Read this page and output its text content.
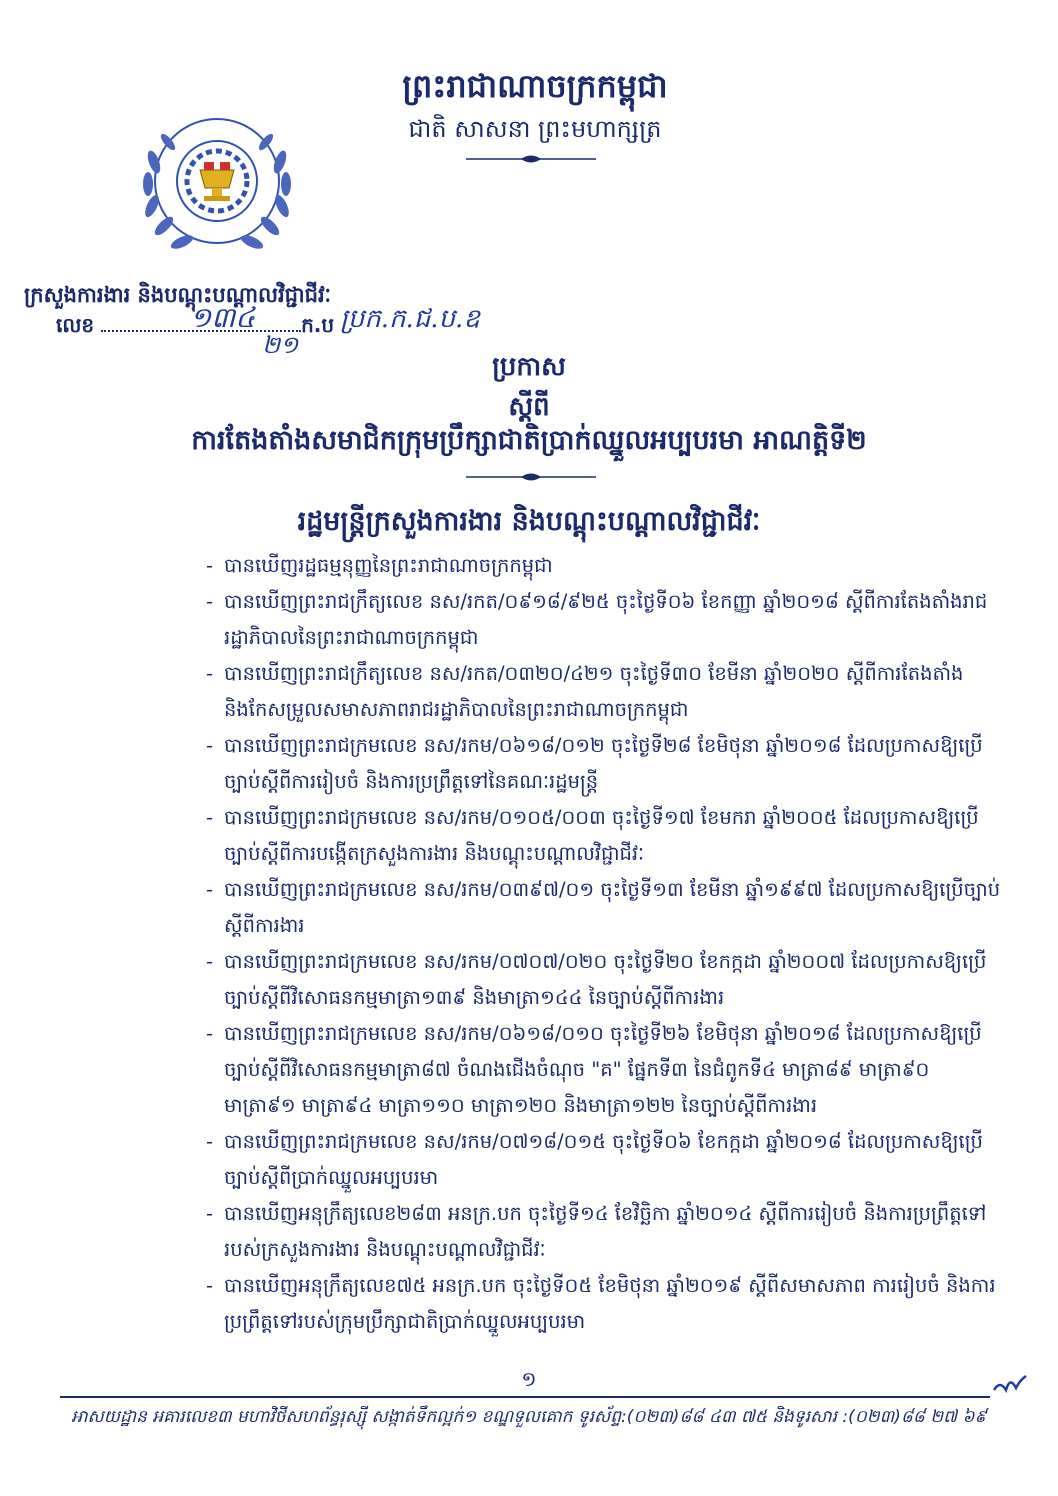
ព្រះរាជាណាចក្រកម្ពុជា
ជាតិ សាសនា ព្រះមហាក្សត្រ
ក្រសួងការងារ និងបណ្តុះបណ្តាលវិជ្ជាជីវៈ
លេខ	ក.ប
១៣៤	ប្រក.ក.ជ.ប.ឧ
២១
ប្រកាស
ស្តីពី
ការតែងតាំងសមាជិកក្រុមប្រឹក្សាជាតិប្រាក់ឈ្នួលអប្បបរមា អាណត្តិទី២
រដ្ឋមន្ត្រីក្រសួងការងារ និងបណ្តុះបណ្តាលវិជ្ជាជីវៈ
- បានឃើញរដ្ឋធម្មនុញ្ញនៃព្រះរាជាណាចក្រកម្ពុជា
- បានឃើញព្រះរាជក្រឹត្យលេខ នស/រកត/០៩១៨/៩២៥ ចុះថ្ងៃទី០៦ ខែកញ្ញា ឆ្នាំ២០១៨ ស្តីពីការតែងតាំងរាជរដ្ឋាភិបាលនៃព្រះរាជាណាចក្រកម្ពុជា
- បានឃើញព្រះរាជក្រឹត្យលេខ នស/រកត/០៣២០/៤២១ ចុះថ្ងៃទី៣០ ខែមីនា ឆ្នាំ២០២០ ស្តីពីការតែងតាំង និងកែសម្រួលសមាសភាពរាជរដ្ឋាភិបាលនៃព្រះរាជាណាចក្រកម្ពុជា
- បានឃើញព្រះរាជក្រមលេខ នស/រកម/០៦១៨/០១២ ចុះថ្ងៃទី២៨ ខែមិថុនា ឆ្នាំ២០១៨ ដែលប្រកាសឱ្យប្រើច្បាប់ស្តីពីការរៀបចំ និងការប្រព្រឹត្តទៅនៃគណៈរដ្ឋមន្ត្រី
- បានឃើញព្រះរាជក្រមលេខ នស/រកម/០១០៥/០០៣ ចុះថ្ងៃទី១៧ ខែមករា ឆ្នាំ២០០៥ ដែលប្រកាសឱ្យប្រើច្បាប់ស្តីពីការបង្កើតក្រសួងការងារ និងបណ្តុះបណ្តាលវិជ្ជាជីវៈ
- បានឃើញព្រះរាជក្រមលេខ នស/រកម/០៣៩៧/០១ ចុះថ្ងៃទី១៣ ខែមីនា ឆ្នាំ១៩៩៧ ដែលប្រកាសឱ្យប្រើច្បាប់ស្តីពីការងារ
- បានឃើញព្រះរាជក្រមលេខ នស/រកម/០៧០៧/០២០ ចុះថ្ងៃទី២០ ខែកក្កដា ឆ្នាំ២០០៧ ដែលប្រកាសឱ្យប្រើច្បាប់ស្តីពីវិសោធនកម្មមាត្រា១៣៩ និងមាត្រា១៤៤ នៃច្បាប់ស្តីពីការងារ
- បានឃើញព្រះរាជក្រមលេខ នស/រកម/០៦១៨/០១០ ចុះថ្ងៃទី២៦ ខែមិថុនា ឆ្នាំ២០១៨ ដែលប្រកាសឱ្យប្រើច្បាប់ស្តីពីវិសោធនកម្មមាត្រា៨៧ ចំណងជើងចំណុច "គ" ផ្នែកទី៣ នៃជំពូកទី៤ មាត្រា៨៩ មាត្រា៩០ មាត្រា៩១ មាត្រា៩៤ មាត្រា១១០ មាត្រា១២០ និងមាត្រា១២២ នៃច្បាប់ស្តីពីការងារ
- បានឃើញព្រះរាជក្រមលេខ នស/រកម/០៧១៨/០១៥ ចុះថ្ងៃទី០៦ ខែកក្កដា ឆ្នាំ២០១៨ ដែលប្រកាសឱ្យប្រើច្បាប់ស្តីពីប្រាក់ឈ្នួលអប្បបរមា
- បានឃើញអនុក្រឹត្យលេខ២៨៣ អនក្រ.បក ចុះថ្ងៃទី១៤ ខែវិច្ឆិកា ឆ្នាំ២០១៤ ស្តីពីការរៀបចំ និងការប្រព្រឹត្តទៅរបស់ក្រសួងការងារ និងបណ្តុះបណ្តាលវិជ្ជាជីវៈ
- បានឃើញអនុក្រឹត្យលេខ៧៥ អនក្រ.បក ចុះថ្ងៃទី០៥ ខែមិថុនា ឆ្នាំ២០១៩ ស្តីពីសមាសភាព ការរៀបចំ និងការប្រព្រឹត្តទៅរបស់ក្រុមប្រឹក្សាជាតិប្រាក់ឈ្នួលអប្បបរមា
១
អាសយដ្ឋាន អគារលេខ៣ មហាវិថីសហព័ន្ធរុស្ស៊ី សង្កាត់ទឹកល្អក់១ ខណ្ឌទួលគោក ទូរស័ព្ទ:(០២៣)៨៨ ៤៣ ៧៥ និងទូរសារ :(០២៣)៨៨ ២៧ ៦៩
